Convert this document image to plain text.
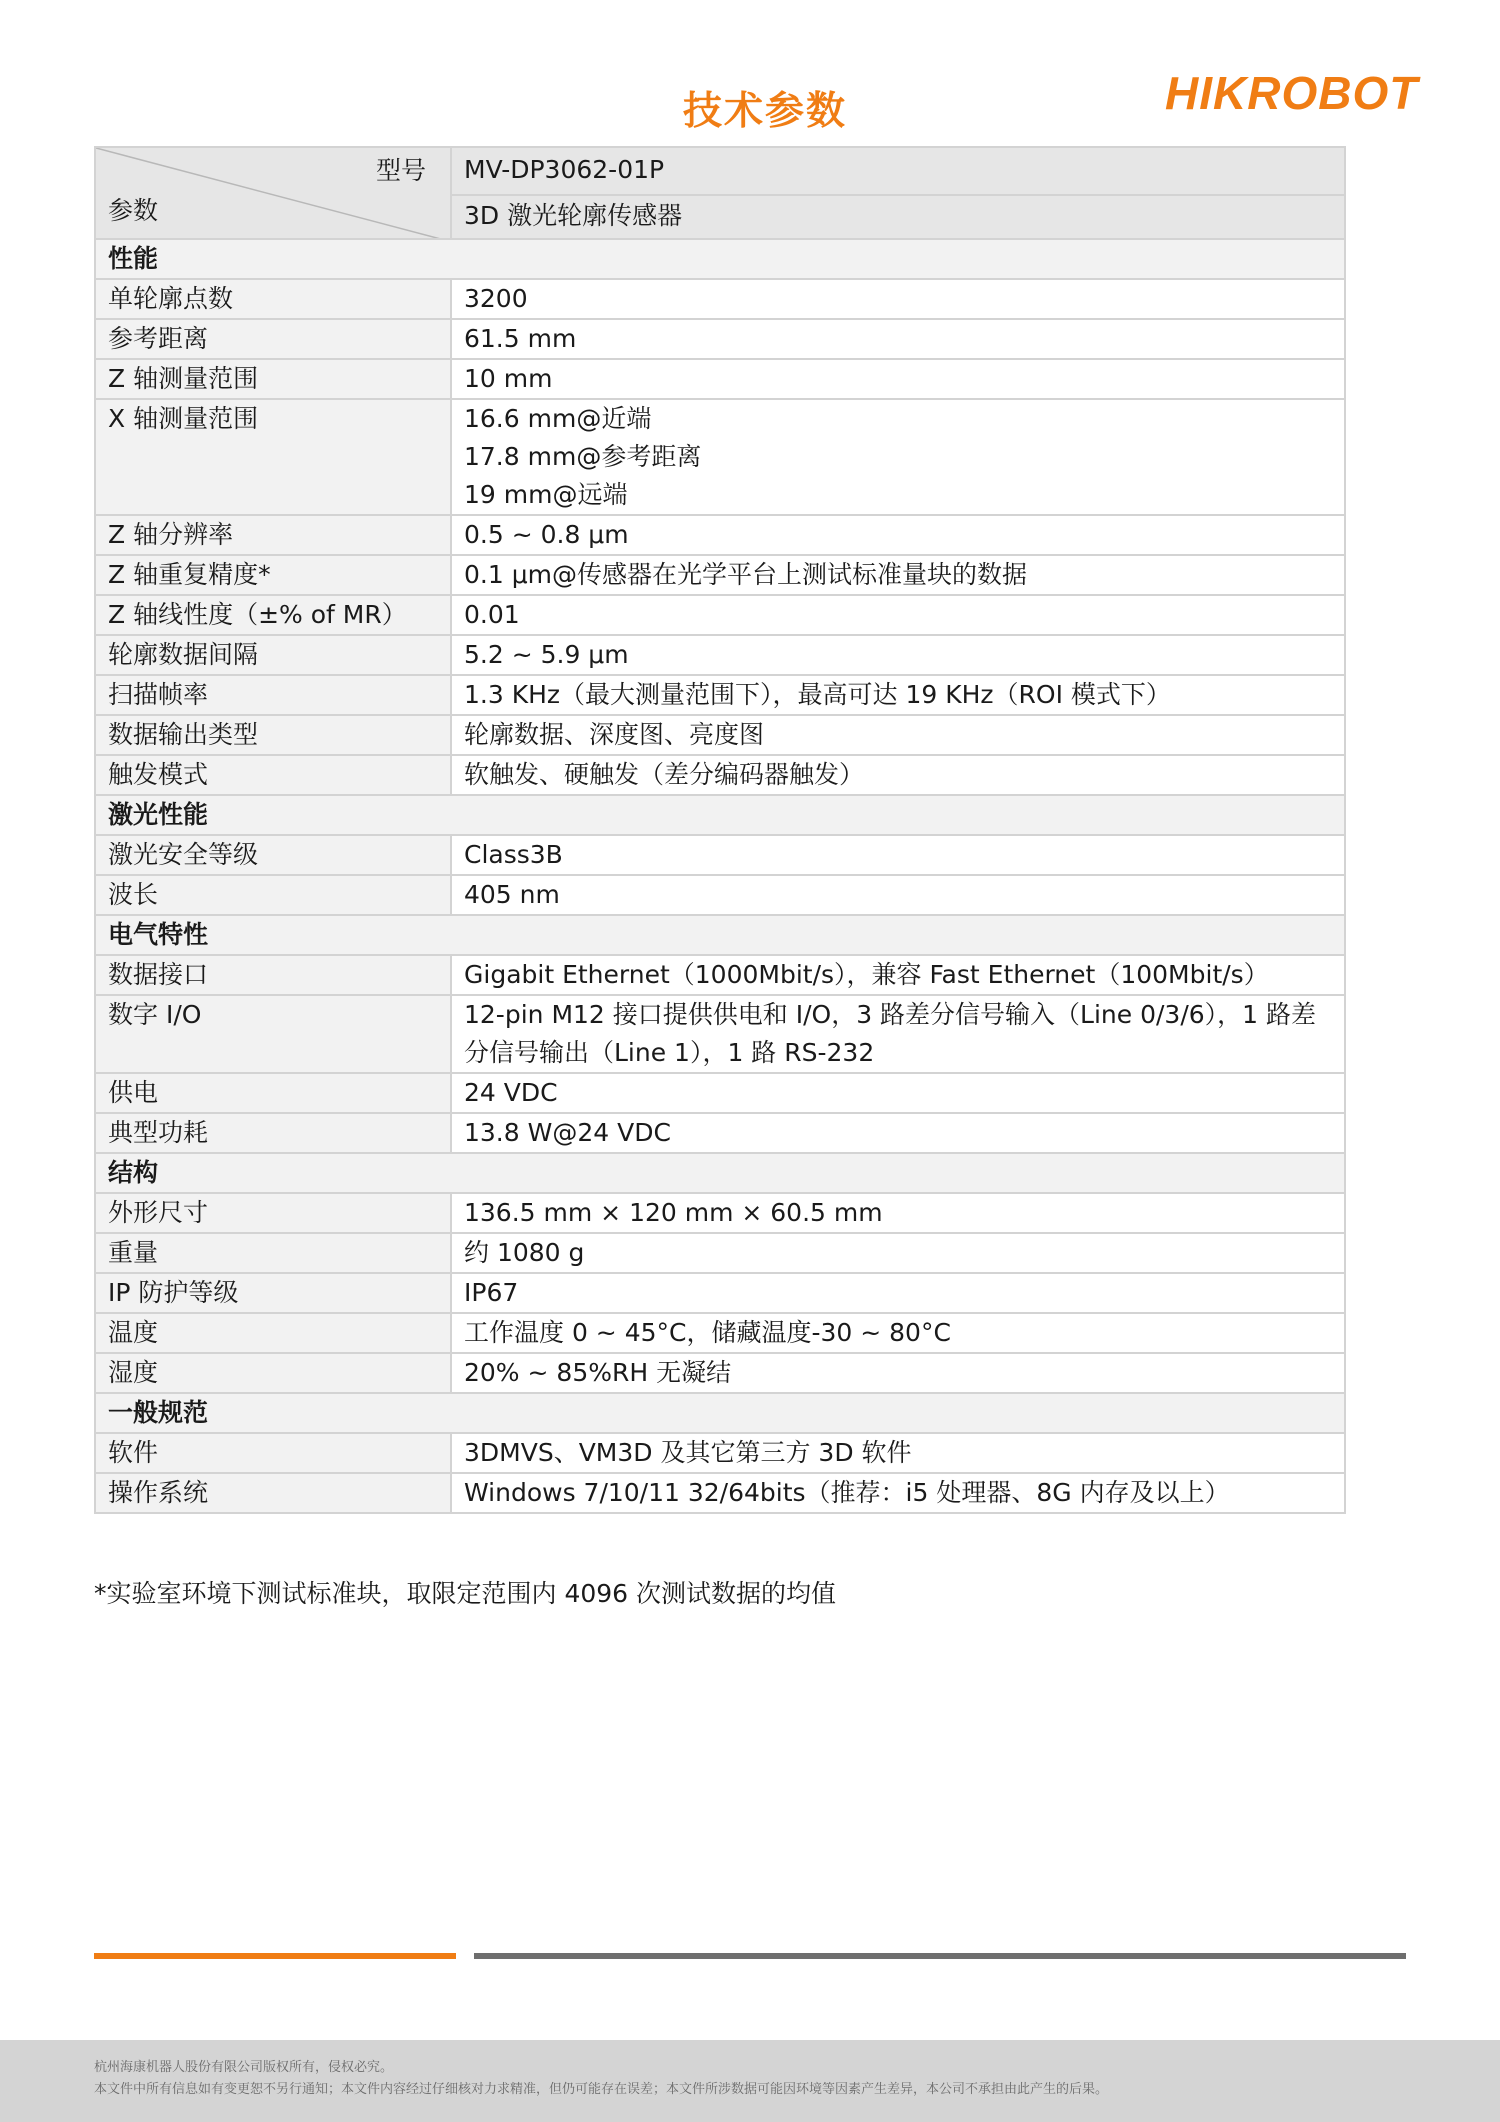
技术参数	HIKROBOT
型号
参数	MV-DP3062-01P
	3D 激光轮廓传感器
性能	
单轮廓点数	3200
参考距离	61.5 mm
Z 轴测量范围	10 mm
X 轴测量范围	16.6 mm@近端
17.8 mm@参考距离
19 mm@远端
Z 轴分辨率	0.5 ~ 0.8 μm
Z 轴重复精度*	0.1 μm@传感器在光学平台上测试标准量块的数据
Z 轴线性度（±% of MR）	0.01
轮廓数据间隔	5.2 ~ 5.9 μm
扫描帧率	1.3 KHz（最大测量范围下），最高可达 19 KHz（ROI 模式下）
数据输出类型	轮廓数据、深度图、亮度图
触发模式	软触发、硬触发（差分编码器触发）
激光性能	
激光安全等级	Class3B
波长	405 nm
电气特性	
数据接口	Gigabit Ethernet（1000Mbit/s），兼容 Fast Ethernet（100Mbit/s）
数字 I/O	12-pin M12 接口提供供电和 I/O，3 路差分信号输入（Line 0/3/6），1 路差
分信号输出（Line 1），1 路 RS-232
供电	24 VDC
典型功耗	13.8 W@24 VDC
结构	
外形尺寸	136.5 mm × 120 mm × 60.5 mm
重量	约 1080 g
IP 防护等级	IP67
温度	工作温度 0 ~ 45°C，储藏温度-30 ~ 80°C
湿度	20% ~ 85%RH 无凝结
一般规范	
软件	3DMVS、VM3D 及其它第三方 3D 软件
操作系统	Windows 7/10/11 32/64bits（推荐：i5 处理器、8G 内存及以上）
*实验室环境下测试标准块，取限定范围内 4096 次测试数据的均值
杭州海康机器人股份有限公司版权所有，侵权必究。
本文件中所有信息如有变更恕不另行通知；本文件内容经过仔细核对力求精准，但仍可能存在误差；本文件所涉数据可能因环境等因素产生差异，本公司不承担由此产生的后果。
